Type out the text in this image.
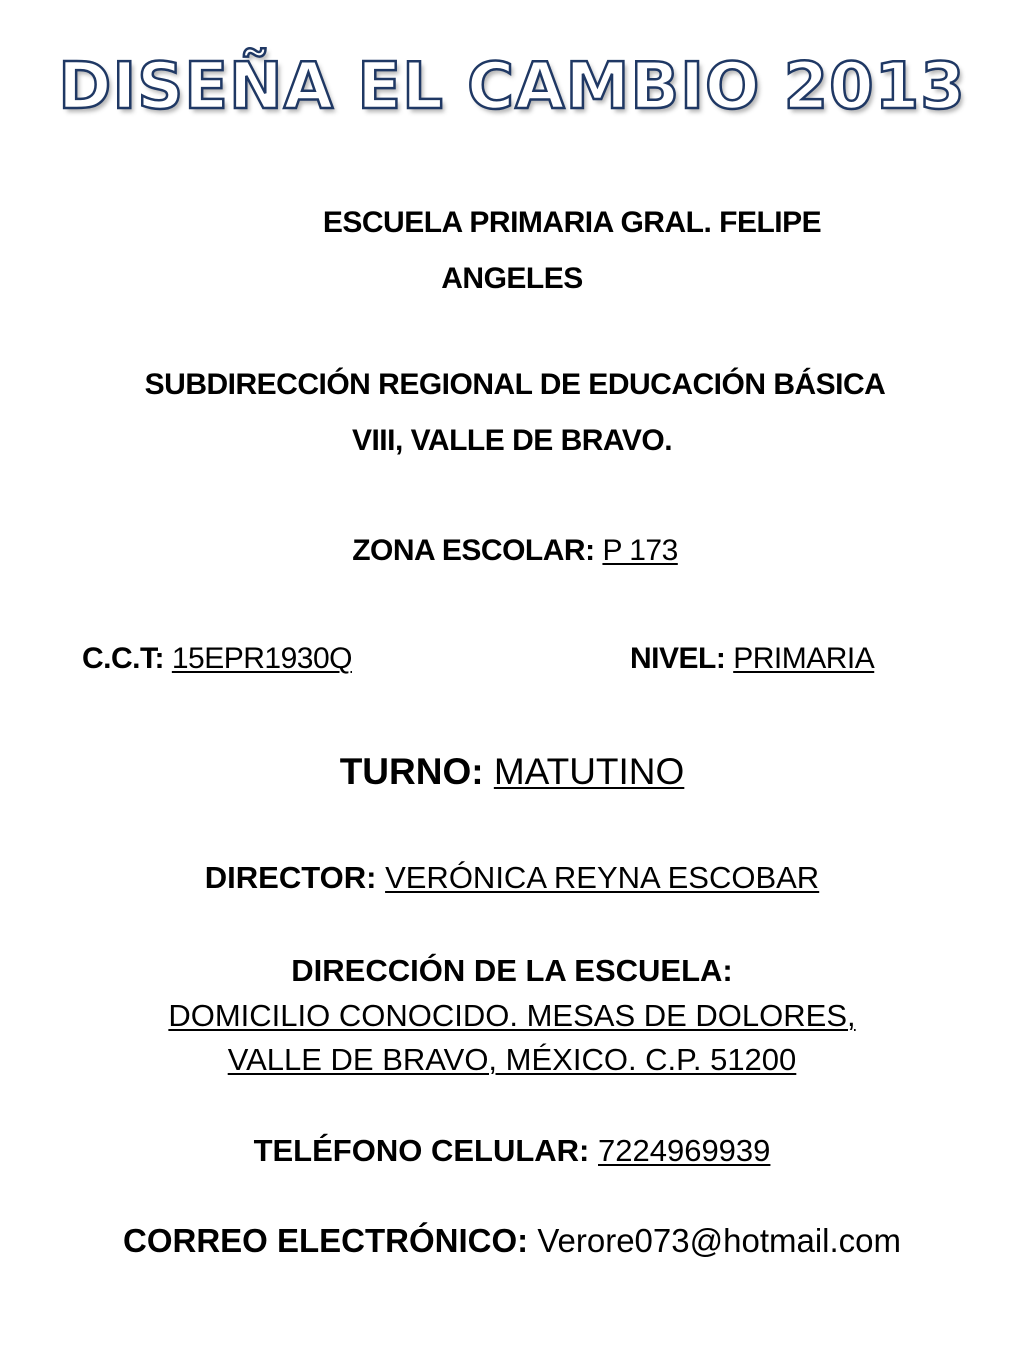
DISEÑA EL CAMBIO 2013
ESCUELA PRIMARIA GRAL. FELIPE
ANGELES
SUBDIRECCIÓN REGIONAL DE EDUCACIÓN BÁSICA
VIII, VALLE DE BRAVO.
ZONA ESCOLAR: P 173
C.C.T: 15EPR1930Q	NIVEL: PRIMARIA
TURNO: MATUTINO
DIRECTOR: VERÓNICA REYNA ESCOBAR
DIRECCIÓN DE LA ESCUELA:
DOMICILIO CONOCIDO. MESAS DE DOLORES,
VALLE DE BRAVO, MÉXICO. C.P. 51200
TELÉFONO CELULAR: 7224969939
CORREO ELECTRÓNICO: Verore073@hotmail.com
